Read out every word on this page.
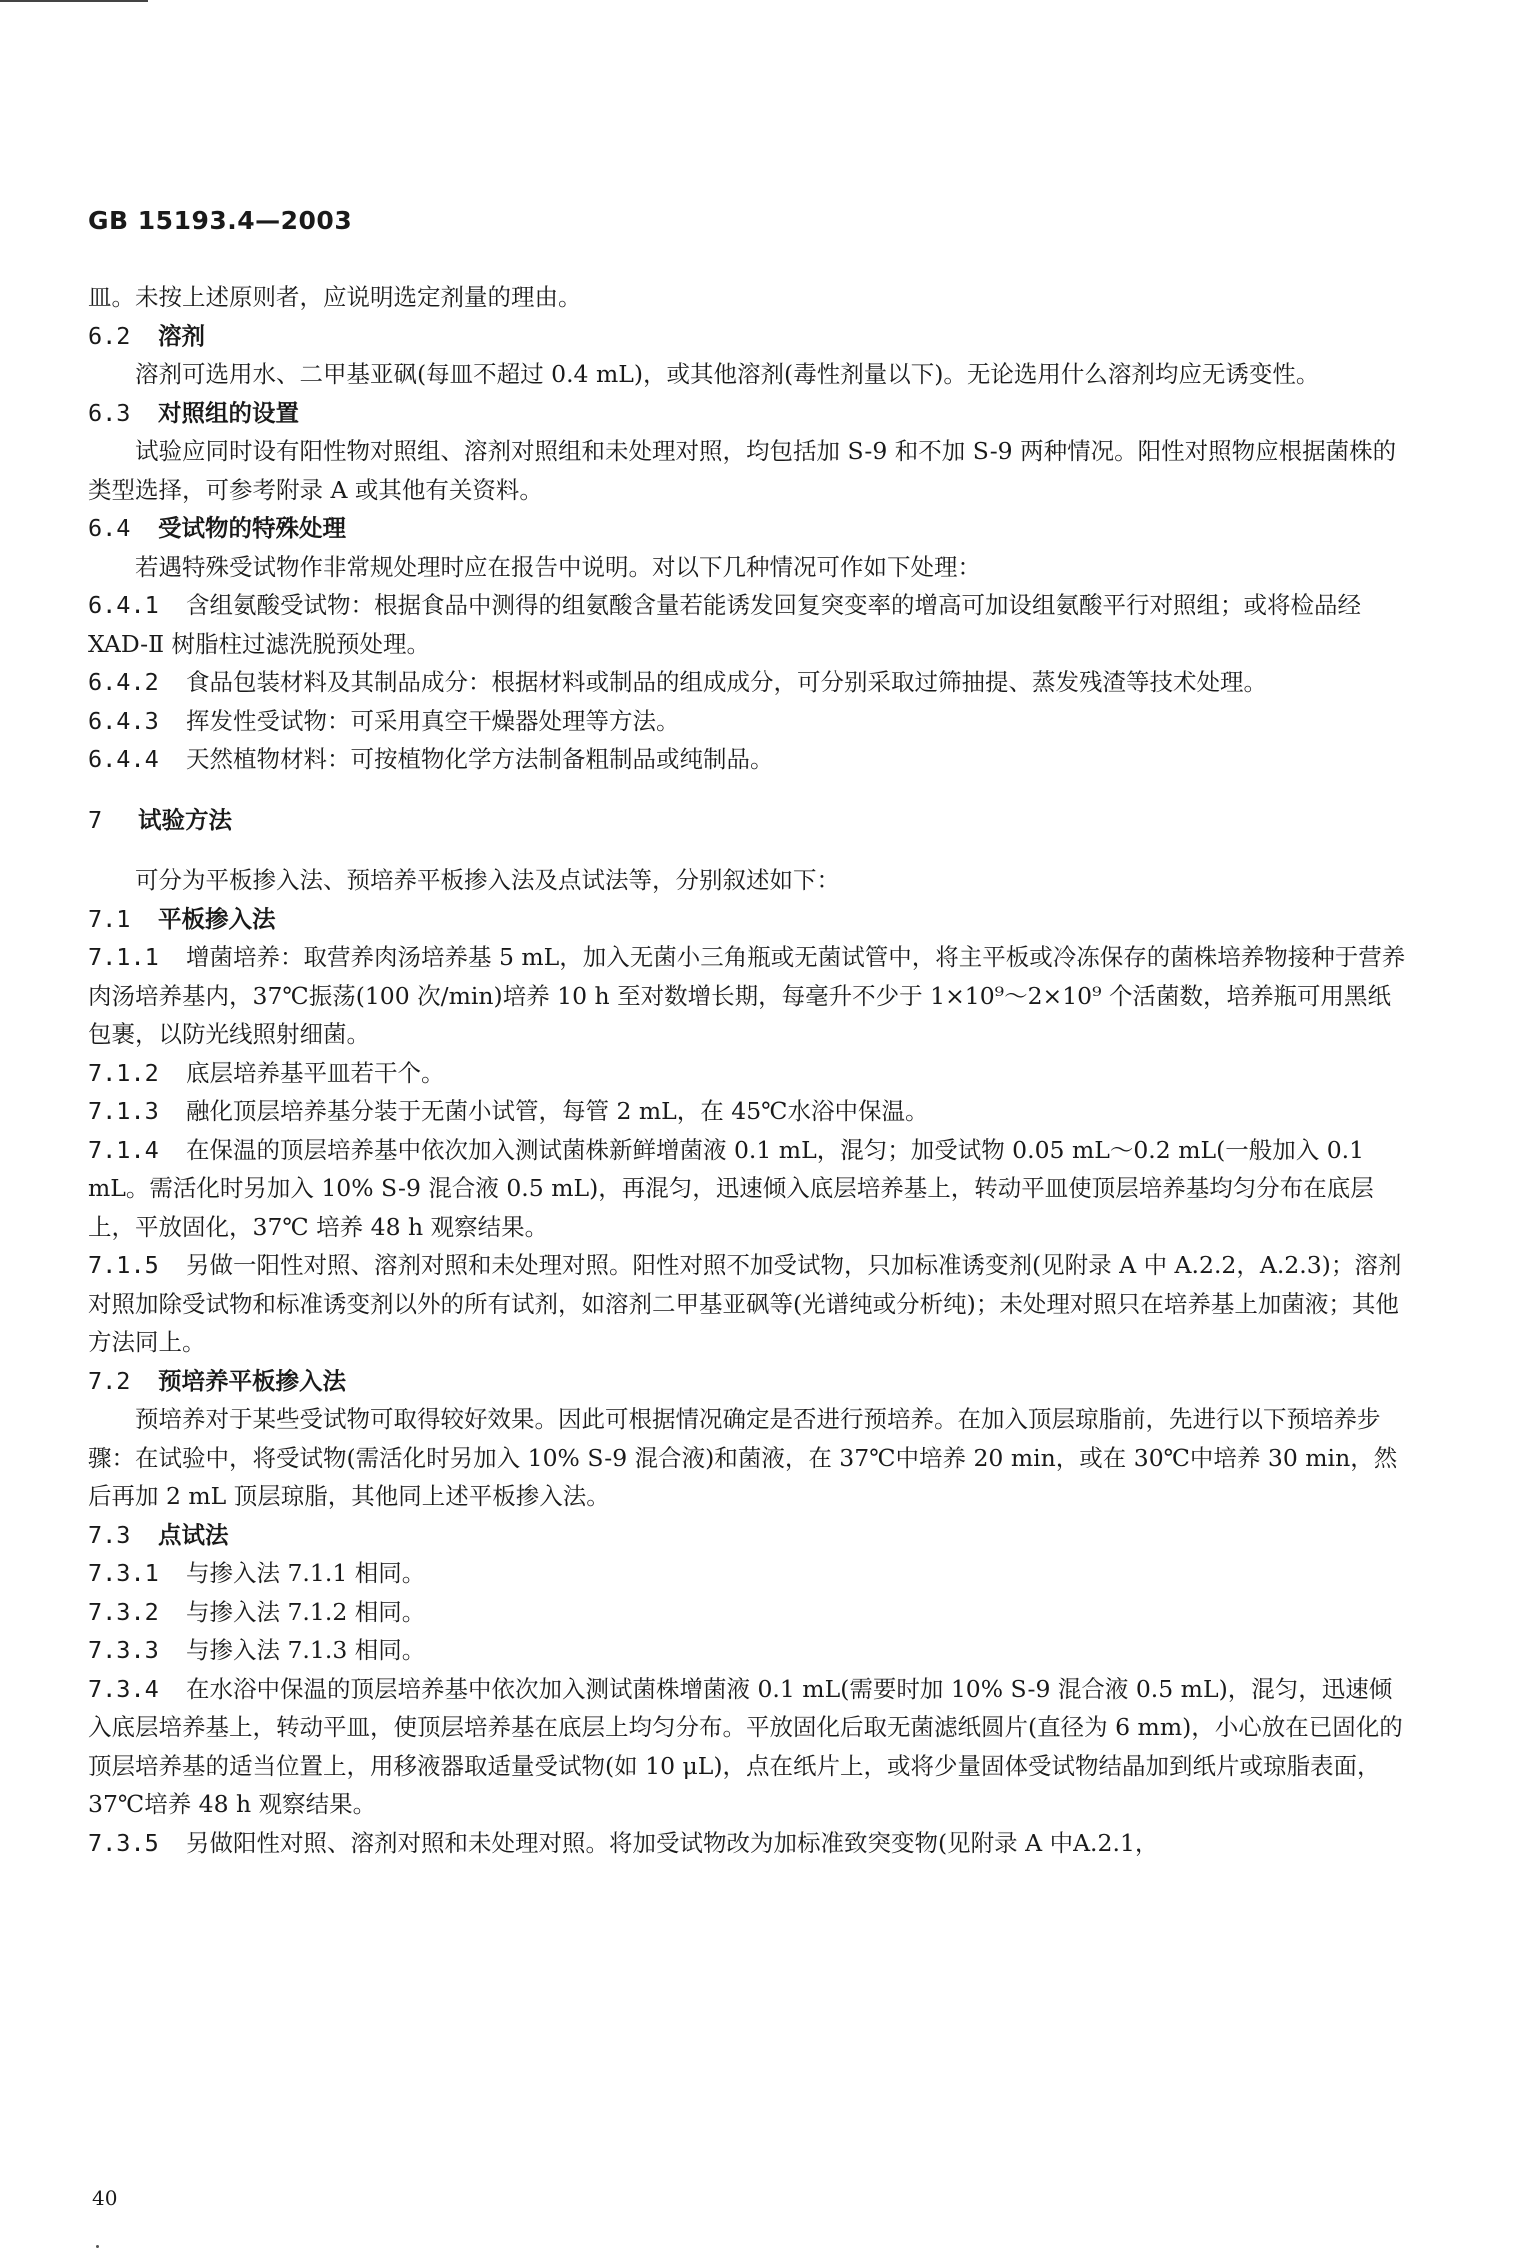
GB 15193.4—2003

皿。未按上述原则者，应说明选定剂量的理由。

6.2 溶剂

溶剂可选用水、二甲基亚砜(每皿不超过 0.4 mL)，或其他溶剂(毒性剂量以下)。无论选用什么溶剂均应无诱变性。

6.3 对照组的设置

试验应同时设有阳性物对照组、溶剂对照组和未处理对照，均包括加 S-9 和不加 S-9 两种情况。阳性对照物应根据菌株的类型选择，可参考附录 A 或其他有关资料。

6.4 受试物的特殊处理

若遇特殊受试物作非常规处理时应在报告中说明。对以下几种情况可作如下处理：

6.4.1 含组氨酸受试物：根据食品中测得的组氨酸含量若能诱发回复突变率的增高可加设组氨酸平行对照组；或将检品经 XAD-Ⅱ 树脂柱过滤洗脱预处理。

6.4.2 食品包装材料及其制品成分：根据材料或制品的组成成分，可分别采取过筛抽提、蒸发残渣等技术处理。

6.4.3 挥发性受试物：可采用真空干燥器处理等方法。

6.4.4 天然植物材料：可按植物化学方法制备粗制品或纯制品。

7 试验方法

可分为平板掺入法、预培养平板掺入法及点试法等，分别叙述如下：

7.1 平板掺入法

7.1.1 增菌培养：取营养肉汤培养基 5 mL，加入无菌小三角瓶或无菌试管中，将主平板或冷冻保存的菌株培养物接种于营养肉汤培养基内，37℃振荡(100 次/min)培养 10 h 至对数增长期，每毫升不少于 1×10⁹～2×10⁹ 个活菌数，培养瓶可用黑纸包裹，以防光线照射细菌。

7.1.2 底层培养基平皿若干个。

7.1.3 融化顶层培养基分装于无菌小试管，每管 2 mL，在 45℃水浴中保温。

7.1.4 在保温的顶层培养基中依次加入测试菌株新鲜增菌液 0.1 mL，混匀；加受试物 0.05 mL～0.2 mL(一般加入 0.1 mL。需活化时另加入 10% S-9 混合液 0.5 mL)，再混匀，迅速倾入底层培养基上，转动平皿使顶层培养基均匀分布在底层上，平放固化，37℃ 培养 48 h 观察结果。

7.1.5 另做一阳性对照、溶剂对照和未处理对照。阳性对照不加受试物，只加标准诱变剂(见附录 A 中 A.2.2，A.2.3)；溶剂对照加除受试物和标准诱变剂以外的所有试剂，如溶剂二甲基亚砜等(光谱纯或分析纯)；未处理对照只在培养基上加菌液；其他方法同上。

7.2 预培养平板掺入法

预培养对于某些受试物可取得较好效果。因此可根据情况确定是否进行预培养。在加入顶层琼脂前，先进行以下预培养步骤：在试验中，将受试物(需活化时另加入 10% S-9 混合液)和菌液，在 37℃中培养 20 min，或在 30℃中培养 30 min，然后再加 2 mL 顶层琼脂，其他同上述平板掺入法。

7.3 点试法

7.3.1 与掺入法 7.1.1 相同。

7.3.2 与掺入法 7.1.2 相同。

7.3.3 与掺入法 7.1.3 相同。

7.3.4 在水浴中保温的顶层培养基中依次加入测试菌株增菌液 0.1 mL(需要时加 10% S-9 混合液 0.5 mL)，混匀，迅速倾入底层培养基上，转动平皿，使顶层培养基在底层上均匀分布。平放固化后取无菌滤纸圆片(直径为 6 mm)，小心放在已固化的顶层培养基的适当位置上，用移液器取适量受试物(如 10 μL)，点在纸片上，或将少量固体受试物结晶加到纸片或琼脂表面，37℃培养 48 h 观察结果。

7.3.5 另做阳性对照、溶剂对照和未处理对照。将加受试物改为加标准致突变物(见附录 A 中A.2.1，

40
